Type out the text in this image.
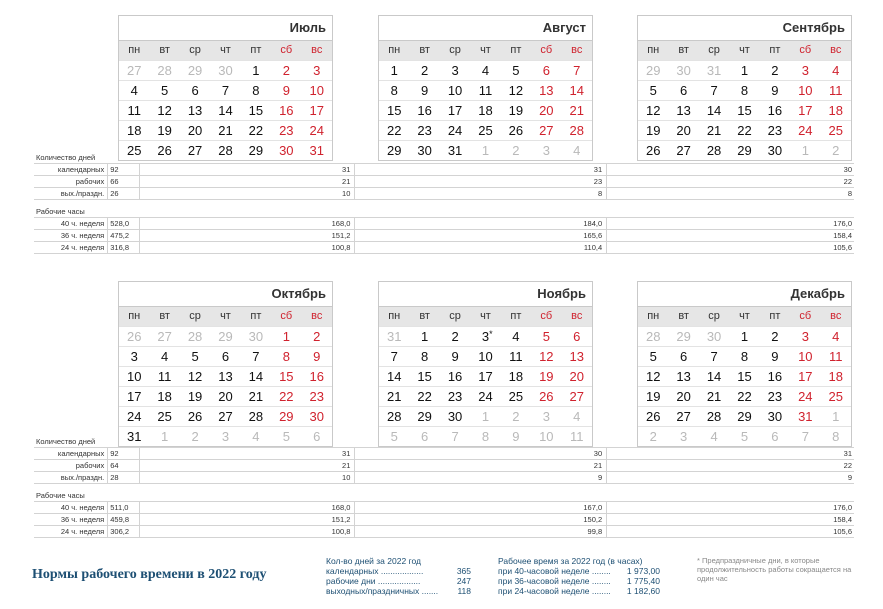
Июль
пн	вт	ср	чт	пт	сб	вс
27	28	29	30	1	2	3
4	5	6	7	8	9	10
11	12	13	14	15	16	17
18	19	20	21	22	23	24
25	26	27	28	29	30	31
Август
пн	вт	ср	чт	пт	сб	вс
1	2	3	4	5	6	7
8	9	10	11	12	13	14
15	16	17	18	19	20	21
22	23	24	25	26	27	28
29	30	31	1	2	3	4
Сентябрь
пн	вт	ср	чт	пт	сб	вс
29	30	31	1	2	3	4
5	6	7	8	9	10	11
12	13	14	15	16	17	18
19	20	21	22	23	24	25
26	27	28	29	30	1	2
Октябрь
пн	вт	ср	чт	пт	сб	вс
26	27	28	29	30	1	2
3	4	5	6	7	8	9
10	11	12	13	14	15	16
17	18	19	20	21	22	23
24	25	26	27	28	29	30
31	1	2	3	4	5	6
Ноябрь
пн	вт	ср	чт	пт	сб	вс
31	1	2	3 *	4	5	6
7	8	9	10	11	12	13
14	15	16	17	18	19	20
21	22	23	24	25	26	27
28	29	30	1	2	3	4
5	6	7	8	9	10	11
Декабрь
пн	вт	ср	чт	пт	сб	вс
28	29	30	1	2	3	4
5	6	7	8	9	10	11
12	13	14	15	16	17	18
19	20	21	22	23	24	25
26	27	28	29	30	31	1
2	3	4	5	6	7	8
Количество дней
календарных 92	31	31	30
рабочих 66	21	23	22
вых./праздн. 26	10	8	8
Рабочие часы
40 ч. неделя 528,0	168,0	184,0	176,0
36 ч. неделя 475,2	151,2	165,6	158,4
24 ч. неделя 316,8	100,8	110,4	105,6
Количество дней
календарных 92	31	30	31
рабочих 64	21	21	22
вых./праздн. 28	10	9	9
Рабочие часы
40 ч. неделя 511,0	168,0	167,0	176,0
36 ч. неделя 459,8	151,2	150,2	158,4
24 ч. неделя 306,2	100,8	99,8	105,6
Нормы рабочего времени в 2022 году
Кол-во дней за 2022 год
календарных ..................	365
рабочие дни ..................	247
выходных/праздничных ....... 118
Рабочее время за 2022 год (в часах)
при 40-часовой неделе ........ 1 973,00
при 36-часовой неделе ........ 1 775,40
при 24-часовой неделе ........ 1 182,60
* Предпраздничные дни, в которые продолжительность работы сокращается на один час
